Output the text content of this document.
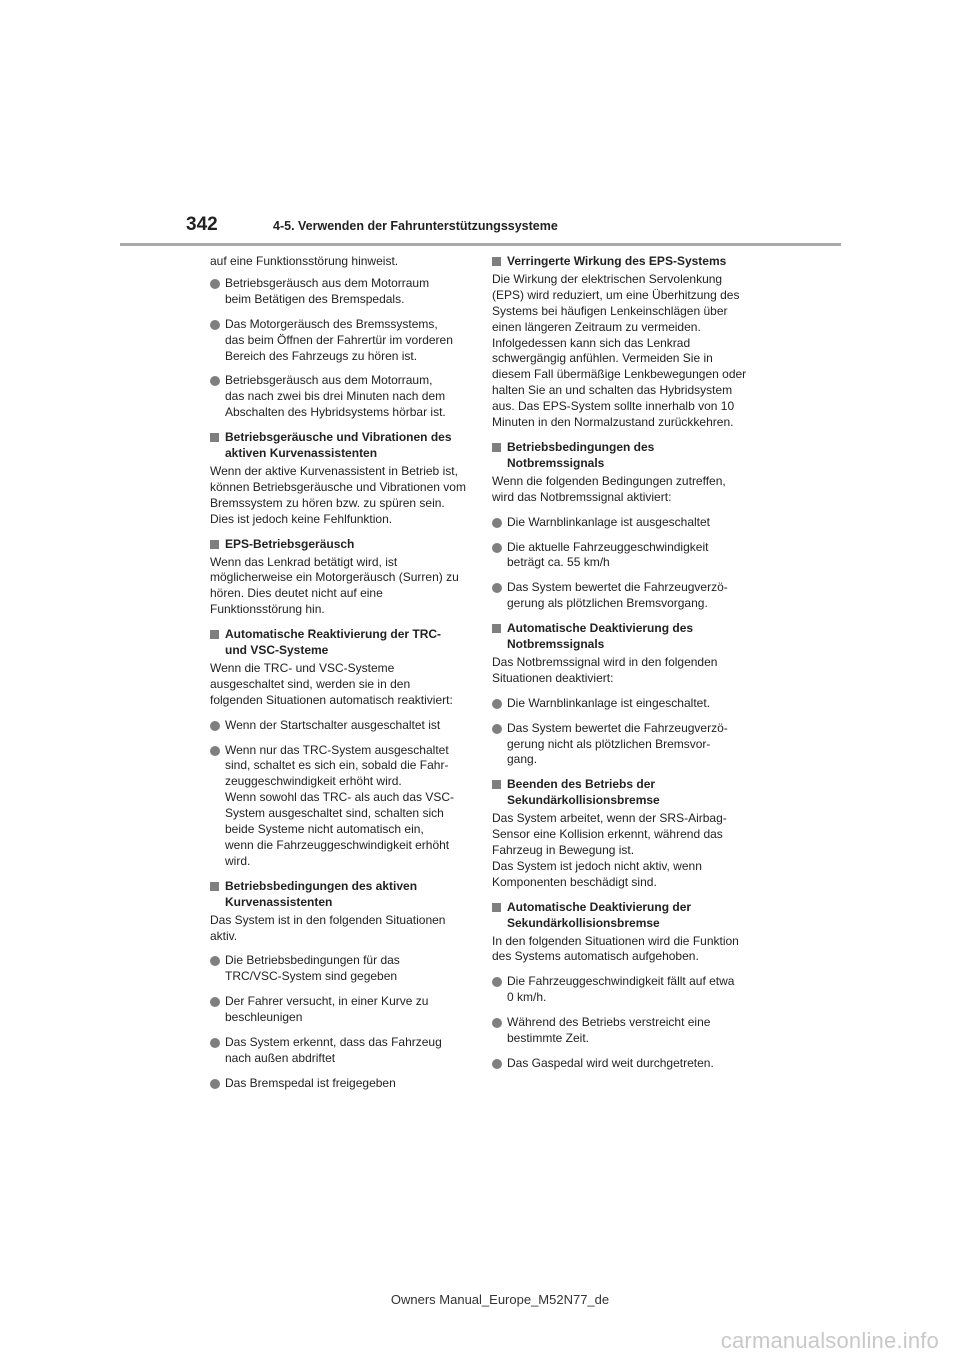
342	4-5. Verwenden der Fahrunterstützungssysteme

auf eine Funktionsstörung hinweist.

Betriebsgeräusch aus dem Motorraum
beim Betätigen des Bremspedals.
Das Motorgeräusch des Bremssystems,
das beim Öffnen der Fahrertür im vorderen
Bereich des Fahrzeugs zu hören ist.
Betriebsgeräusch aus dem Motorraum,
das nach zwei bis drei Minuten nach dem
Abschalten des Hybridsystems hörbar ist.
Betriebsgeräusche und Vibrationen des aktiven Kurvenassistenten

Wenn der aktive Kurvenassistent in Betrieb ist, können Betriebsgeräusche und Vibrationen vom Bremssystem zu hören bzw. zu spüren sein. Dies ist jedoch keine Fehlfunktion.

EPS-Betriebsgeräusch

Wenn das Lenkrad betätigt wird, ist möglicherweise ein Motorgeräusch (Surren) zu hören. Dies deutet nicht auf eine Funktionsstörung hin.

Automatische Reaktivierung der TRC- und VSC-Systeme

Wenn die TRC- und VSC-Systeme ausgeschaltet sind, werden sie in den folgenden Situationen automatisch reaktiviert:

Wenn der Startschalter ausgeschaltet ist
Wenn nur das TRC-System ausgeschaltet
sind, schaltet es sich ein, sobald die Fahr-
zeuggeschwindigkeit erhöht wird.
Wenn sowohl das TRC- als auch das VSC-
System ausgeschaltet sind, schalten sich
beide Systeme nicht automatisch ein,
wenn die Fahrzeuggeschwindigkeit erhöht
wird.
Betriebsbedingungen des aktiven Kurvenassistenten

Das System ist in den folgenden Situationen aktiv.

Die Betriebsbedingungen für das
TRC/VSC-System sind gegeben
Der Fahrer versucht, in einer Kurve zu
beschleunigen
Das System erkennt, dass das Fahrzeug
nach außen abdriftet
Das Bremspedal ist freigegeben
Verringerte Wirkung des EPS-Systems

Die Wirkung der elektrischen Servolenkung (EPS) wird reduziert, um eine Überhitzung des Systems bei häufigen Lenkeinschlägen über einen längeren Zeitraum zu vermeiden. Infolgedessen kann sich das Lenkrad schwergängig anfühlen. Vermeiden Sie in diesem Fall übermäßige Lenkbewegungen oder halten Sie an und schalten das Hybridsystem aus. Das EPS-System sollte innerhalb von 10 Minuten in den Normalzustand zurückkehren.

Betriebsbedingungen des Notbremssignals

Wenn die folgenden Bedingungen zutreffen, wird das Notbremssignal aktiviert:

Die Warnblinkanlage ist ausgeschaltet
Die aktuelle Fahrzeuggeschwindigkeit
beträgt ca. 55 km/h
Das System bewertet die Fahrzeugverzö-
gerung als plötzlichen Bremsvorgang.
Automatische Deaktivierung des Notbremssignals

Das Notbremssignal wird in den folgenden Situationen deaktiviert:

Die Warnblinkanlage ist eingeschaltet.
Das System bewertet die Fahrzeugverzö-
gerung nicht als plötzlichen Bremsvor-
gang.
Beenden des Betriebs der Sekundärkollisionsbremse

Das System arbeitet, wenn der SRS-Airbag-Sensor eine Kollision erkennt, während das Fahrzeug in Bewegung ist.
Das System ist jedoch nicht aktiv, wenn Komponenten beschädigt sind.

Automatische Deaktivierung der Sekundärkollisionsbremse

In den folgenden Situationen wird die Funktion des Systems automatisch aufgehoben.

Die Fahrzeuggeschwindigkeit fällt auf etwa
0 km/h.
Während des Betriebs verstreicht eine
bestimmte Zeit.
Das Gaspedal wird weit durchgetreten.
Owners Manual_Europe_M52N77_de
carmanualsonline.info
